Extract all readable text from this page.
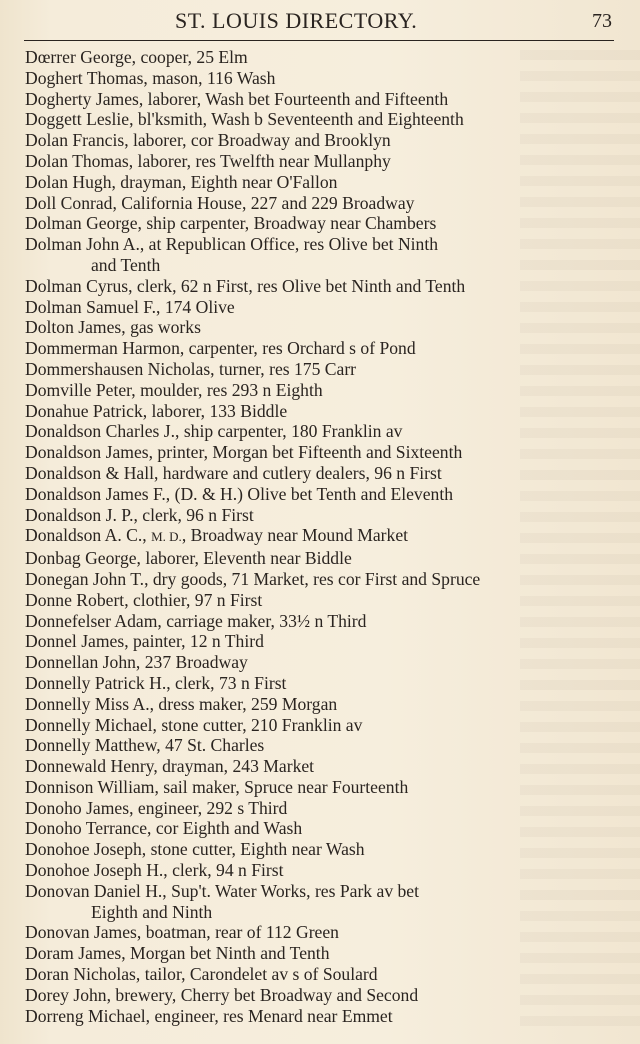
ST. LOUIS DIRECTORY.	73
Dœrrer George, cooper, 25 Elm
Doghert Thomas, mason, 116 Wash
Dogherty James, laborer, Wash bet Fourteenth and Fifteenth
Doggett Leslie, bl'ksmith, Wash b Seventeenth and Eighteenth
Dolan Francis, laborer, cor Broadway and Brooklyn
Dolan Thomas, laborer, res Twelfth near Mullanphy
Dolan Hugh, drayman, Eighth near O'Fallon
Doll Conrad, California House, 227 and 229 Broadway
Dolman George, ship carpenter, Broadway near Chambers
Dolman John A., at Republican Office, res Olive bet Ninth
and Tenth
Dolman Cyrus, clerk, 62 n First, res Olive bet Ninth and Tenth
Dolman Samuel F., 174 Olive
Dolton James, gas works
Dommerman Harmon, carpenter, res Orchard s of Pond
Dommershausen Nicholas, turner, res 175 Carr
Domville Peter, moulder, res 293 n Eighth
Donahue Patrick, laborer, 133 Biddle
Donaldson Charles J., ship carpenter, 180 Franklin av
Donaldson James, printer, Morgan bet Fifteenth and Sixteenth
Donaldson & Hall, hardware and cutlery dealers, 96 n First
Donaldson James F., (D. & H.) Olive bet Tenth and Eleventh
Donaldson J. P., clerk, 96 n First
Donaldson A. C., M. D., Broadway near Mound Market
Donbag George, laborer, Eleventh near Biddle
Donegan John T., dry goods, 71 Market, res cor First and Spruce
Donne Robert, clothier, 97 n First
Donnefelser Adam, carriage maker, 33½ n Third
Donnel James, painter, 12 n Third
Donnellan John, 237 Broadway
Donnelly Patrick H., clerk, 73 n First
Donnelly Miss A., dress maker, 259 Morgan
Donnelly Michael, stone cutter, 210 Franklin av
Donnelly Matthew, 47 St. Charles
Donnewald Henry, drayman, 243 Market
Donnison William, sail maker, Spruce near Fourteenth
Donoho James, engineer, 292 s Third
Donoho Terrance, cor Eighth and Wash
Donohoe Joseph, stone cutter, Eighth near Wash
Donohoe Joseph H., clerk, 94 n First
Donovan Daniel H., Sup't. Water Works, res Park av bet
Eighth and Ninth
Donovan James, boatman, rear of 112 Green
Doram James, Morgan bet Ninth and Tenth
Doran Nicholas, tailor, Carondelet av s of Soulard
Dorey John, brewery, Cherry bet Broadway and Second
Dorreng Michael, engineer, res Menard near Emmet
